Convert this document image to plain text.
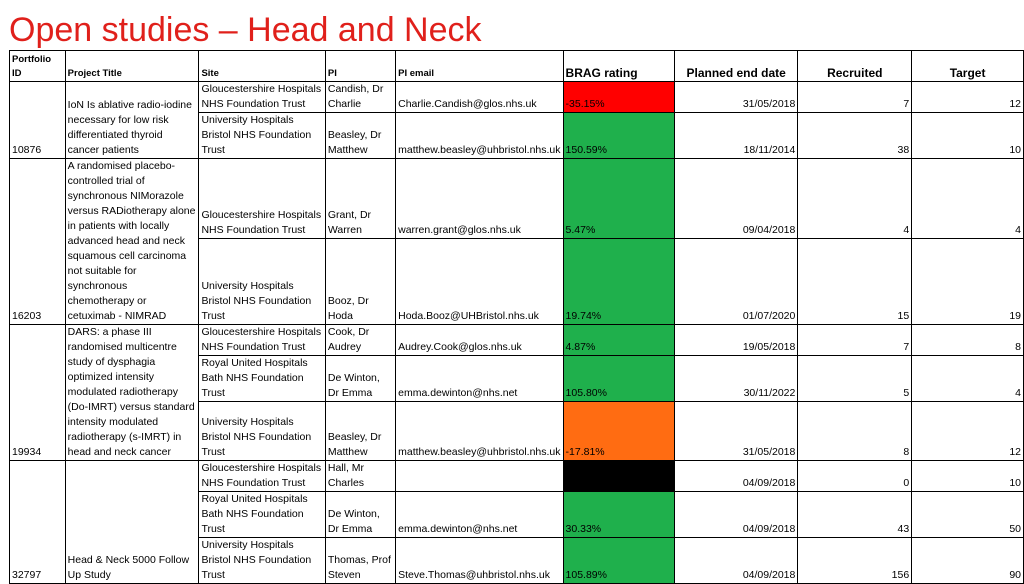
Open studies – Head and Neck
Portfolio ID	Project Title	Site	PI	PI email	BRAG rating	Planned end date	Recruited	Target
10876	IoN Is ablative radio-iodine necessary for low risk differentiated thyroid cancer patients	Gloucestershire Hospitals NHS Foundation Trust	Candish, Dr Charlie	Charlie.Candish@glos.nhs.uk	-35.15%	31/05/2018	7	12
		University Hospitals Bristol NHS Foundation Trust	Beasley, Dr Matthew	matthew.beasley@uhbristol.nhs.uk	150.59%	18/11/2014	38	10
16203	A randomised placebo-controlled trial of synchronous NIMorazole versus RADiotherapy alone in patients with locally advanced head and neck squamous cell carcinoma not suitable for synchronous chemotherapy or cetuximab - NIMRAD	Gloucestershire Hospitals NHS Foundation Trust	Grant, Dr Warren	warren.grant@glos.nhs.uk	5.47%	09/04/2018	4	4
		University Hospitals Bristol NHS Foundation Trust	Booz, Dr Hoda	Hoda.Booz@UHBristol.nhs.uk	19.74%	01/07/2020	15	19
19934	DARS: a phase III randomised multicentre study of dysphagia optimized intensity modulated radiotherapy (Do-IMRT) versus standard intensity modulated radiotherapy (s-IMRT) in head and neck cancer	Gloucestershire Hospitals NHS Foundation Trust	Cook, Dr Audrey	Audrey.Cook@glos.nhs.uk	4.87%	19/05/2018	7	8
		Royal United Hospitals Bath NHS Foundation Trust	De Winton, Dr Emma	emma.dewinton@nhs.net	105.80%	30/11/2022	5	4
		University Hospitals Bristol NHS Foundation Trust	Beasley, Dr Matthew	matthew.beasley@uhbristol.nhs.uk	-17.81%	31/05/2018	8	12
32797	Head & Neck 5000 Follow Up Study	Gloucestershire Hospitals NHS Foundation Trust	Hall, Mr Charles		-53.32%	04/09/2018	0	10
		Royal United Hospitals Bath NHS Foundation Trust	De Winton, Dr Emma	emma.dewinton@nhs.net	30.33%	04/09/2018	43	50
		University Hospitals Bristol NHS Foundation Trust	Thomas, Prof Steven	Steve.Thomas@uhbristol.nhs.uk	105.89%	04/09/2018	156	90
